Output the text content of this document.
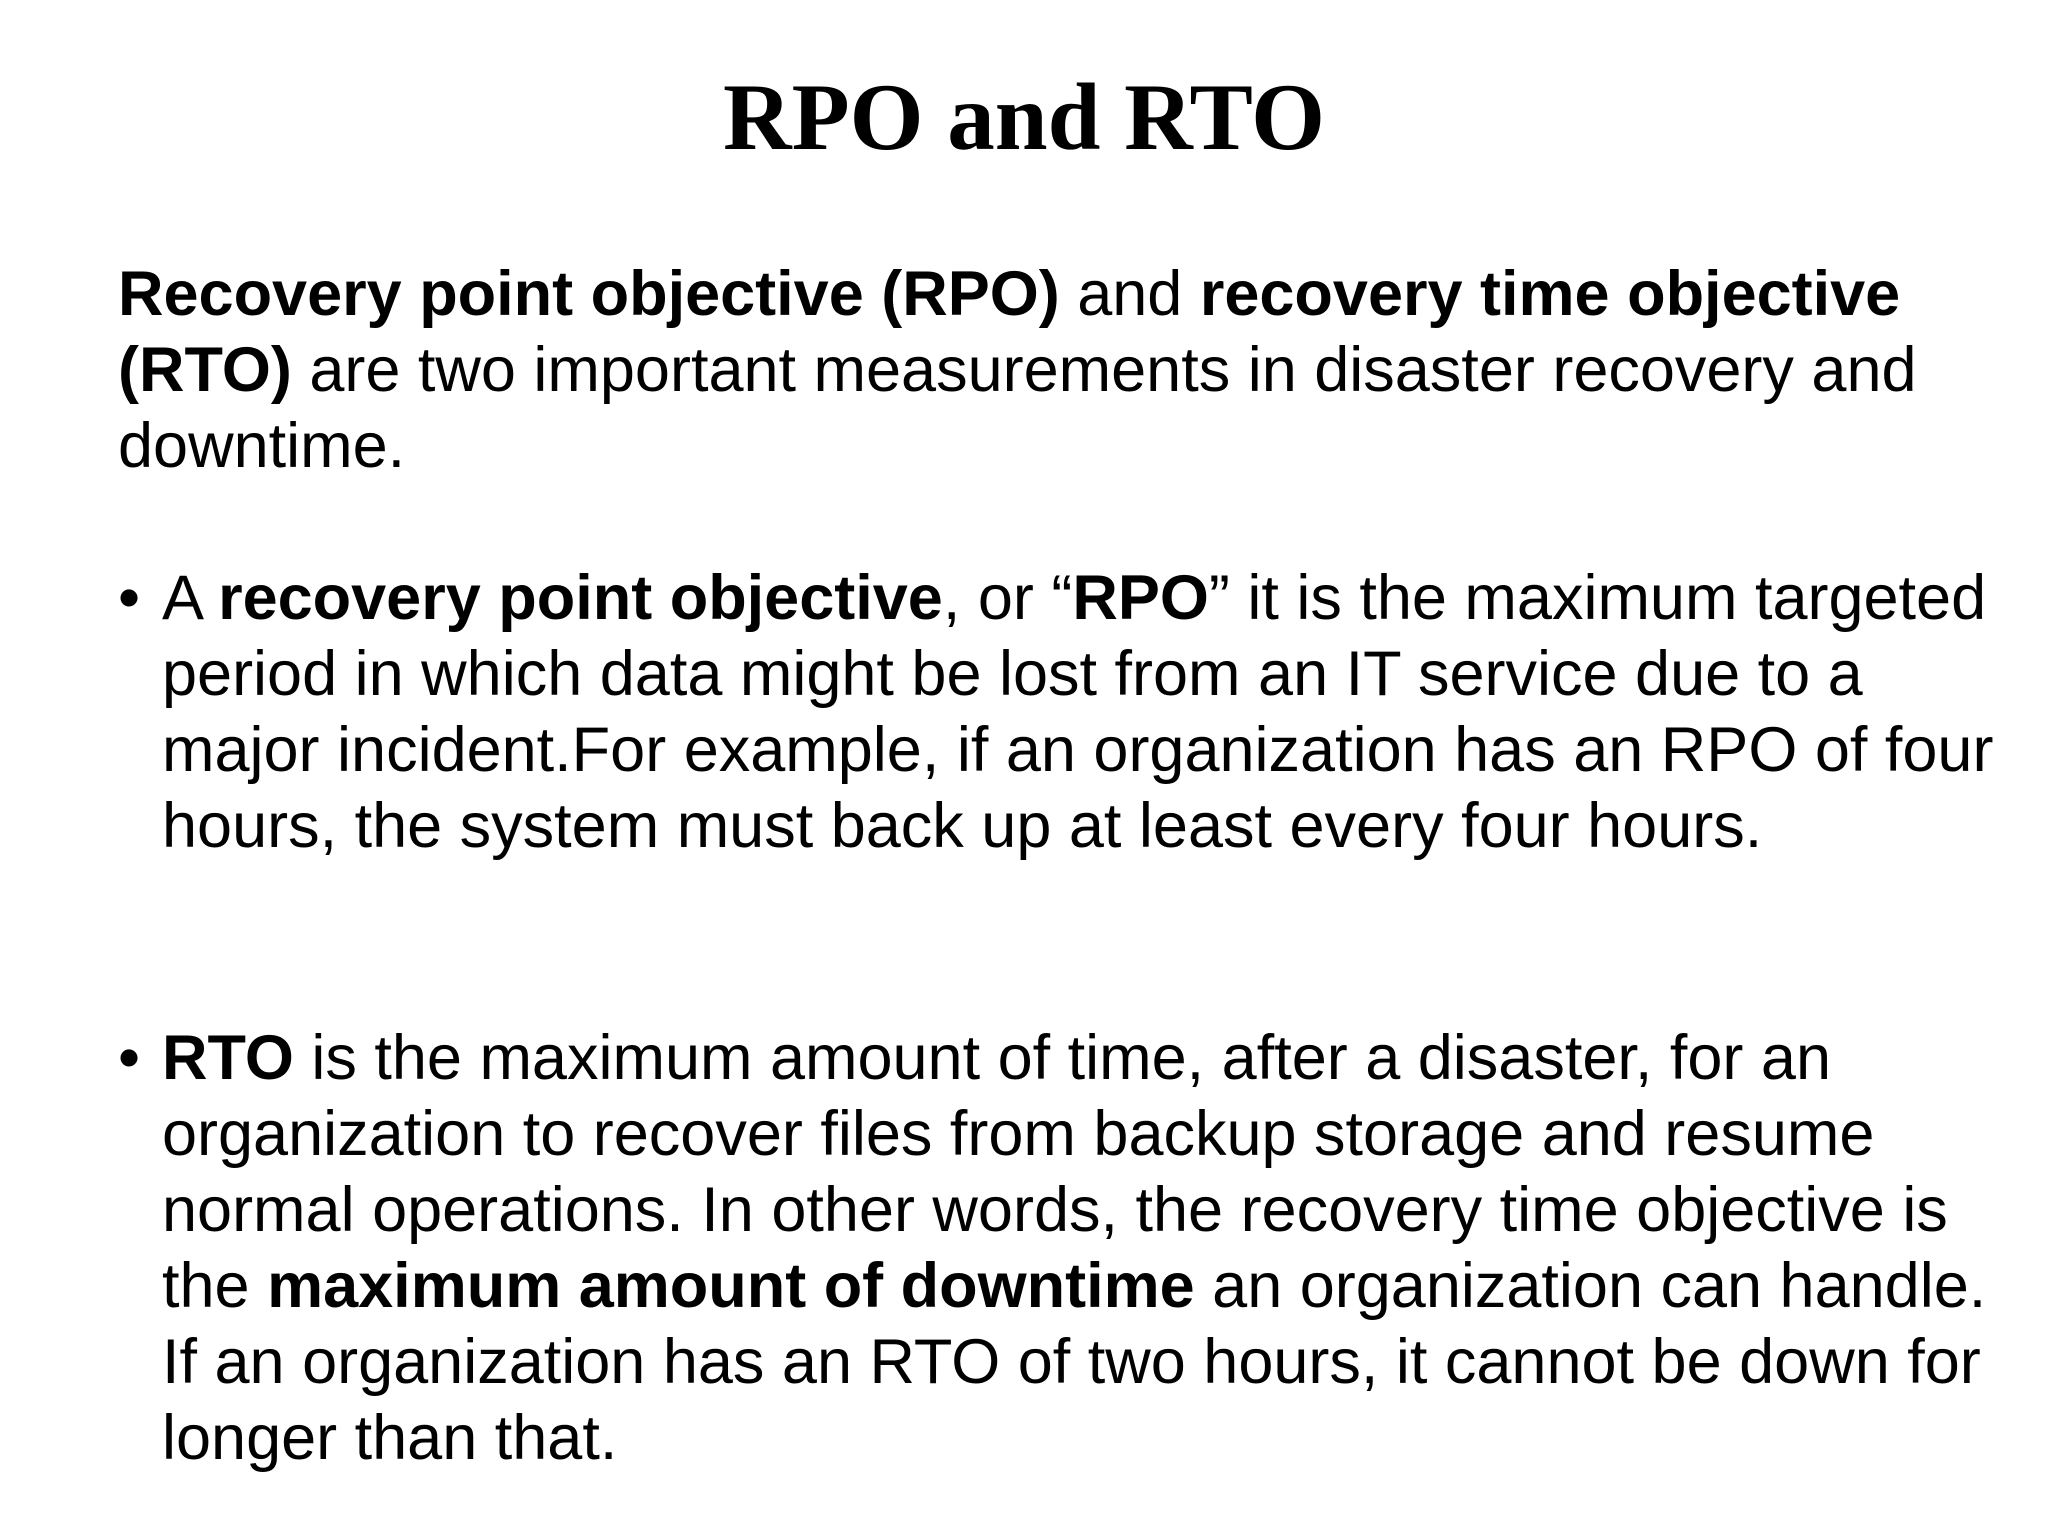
RPO and RTO

Recovery point objective (RPO) and recovery time objective (RTO) are two important measurements in disaster recovery and downtime.

• A recovery point objective, or “RPO” it is the maximum targeted period in which data might be lost from an IT service due to a major incident.For example, if an organization has an RPO of four hours, the system must back up at least every four hours.
• RTO is the maximum amount of time, after a disaster, for an organization to recover files from backup storage and resume normal operations. In other words, the recovery time objective is the maximum amount of downtime an organization can handle. If an organization has an RTO of two hours, it cannot be down for longer than that.
